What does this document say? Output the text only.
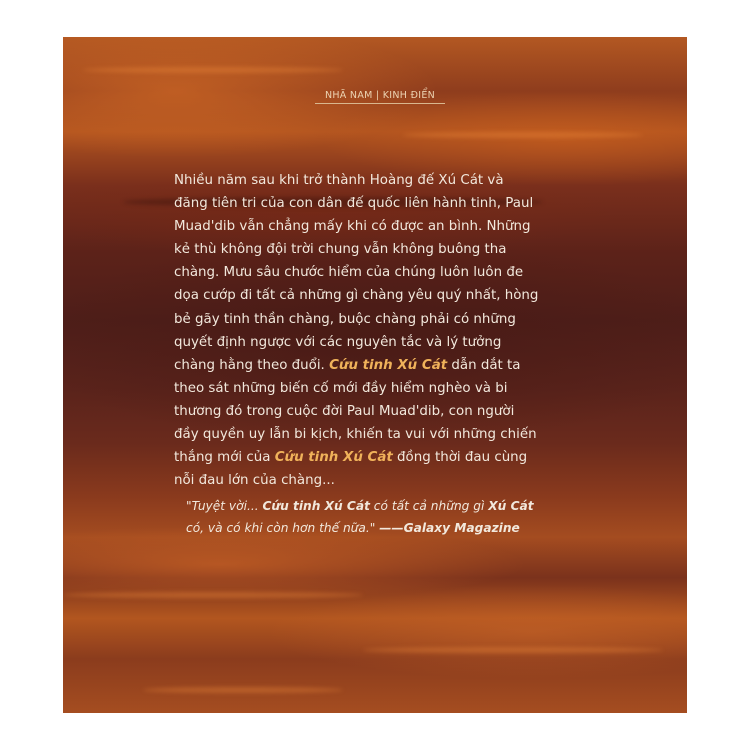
NHÃ NAM | KINH ĐIỂN

Nhiều năm sau khi trở thành Hoàng đế Xú Cát và
đăng tiên tri của con dân đế quốc liên hành tinh, Paul
Muad'dib vẫn chẳng mấy khi có được an bình. Những
kẻ thù không đội trời chung vẫn không buông tha
chàng. Mưu sâu chước hiểm của chúng luôn luôn đe
dọa cướp đi tất cả những gì chàng yêu quý nhất, hòng
bẻ gãy tinh thần chàng, buộc chàng phải có những
quyết định ngược với các nguyên tắc và lý tưởng
chàng hằng theo đuổi. Cứu tinh Xú Cát dẫn dắt ta
theo sát những biến cố mới đầy hiểm nghèo và bi
thương đó trong cuộc đời Paul Muad'dib, con người
đầy quyền uy lẫn bi kịch, khiến ta vui với những chiến
thắng mới của Cứu tinh Xú Cát đồng thời đau cùng
nỗi đau lớn của chàng...

"Tuyệt vời... Cứu tinh Xú Cát có tất cả những gì Xú Cát
có, và có khi còn hơn thế nữa." ——Galaxy Magazine
